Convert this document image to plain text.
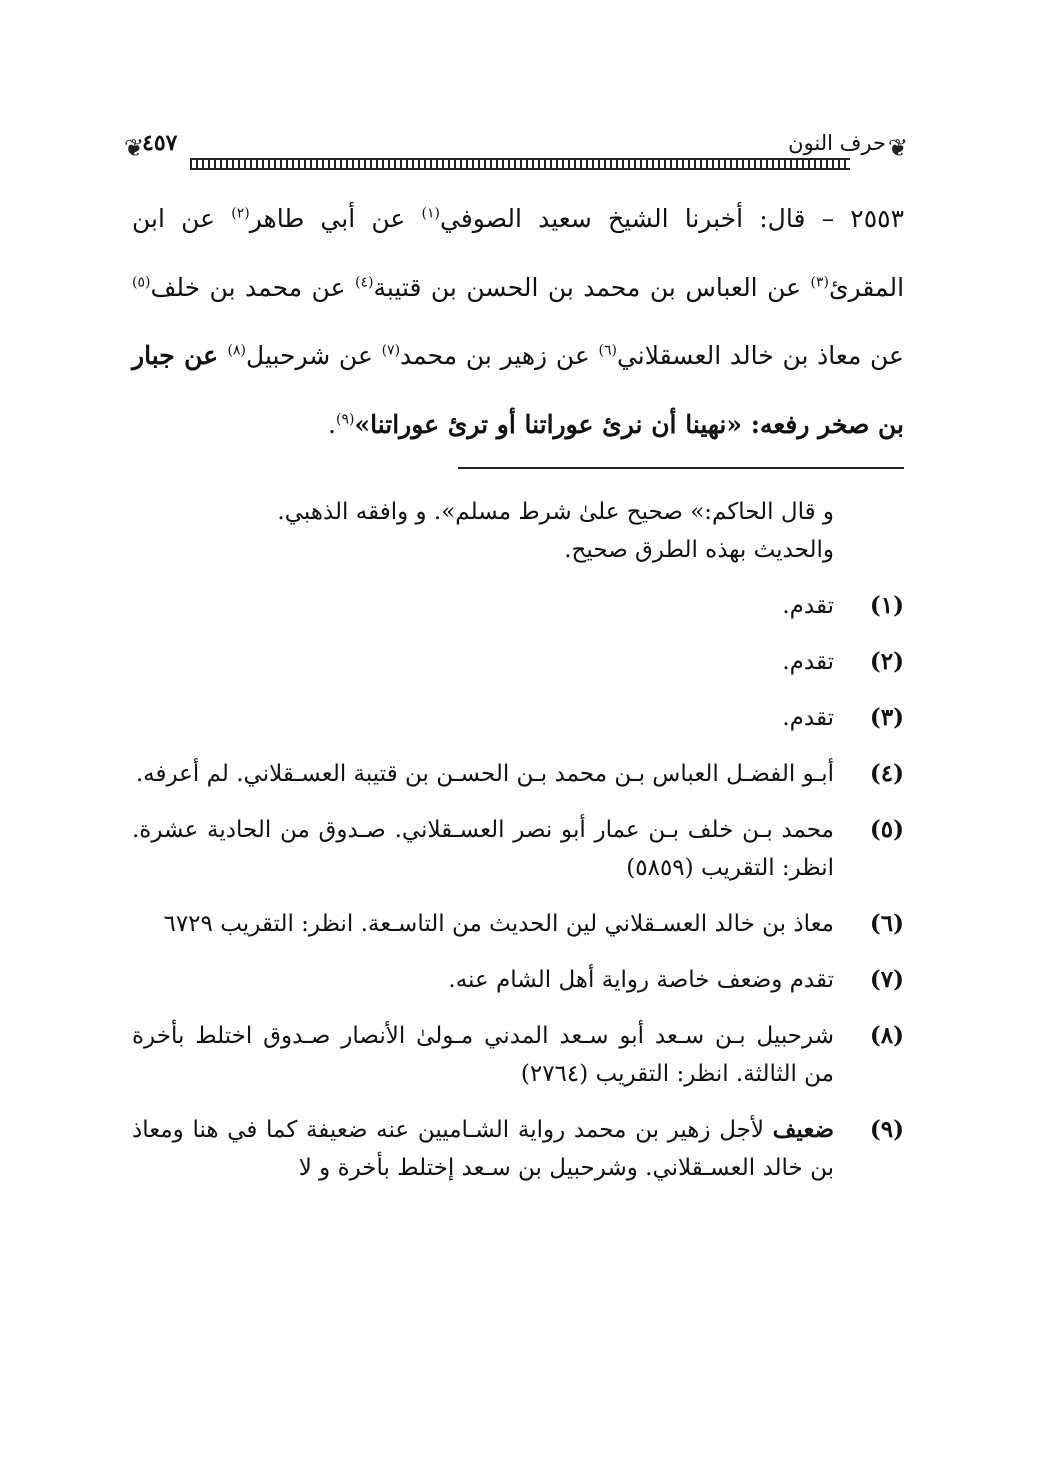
❦
حرف النون
٤٥٧
❦
٢٥٥٣ – قال: أخبرنا الشيخ سعيد الصوفي$^{(١)}$ عن أبي طاهر$^{(٢)}$ عن ابن المقرئ$^{(٣)}$ عن العباس بن محمد بن الحسن بن قتيبة$^{(٤)}$ عن محمد بن خلف$^{(٥)}$ عن معاذ بن خالد العسقلاني$^{(٦)}$ عن زهير بن محمد$^{(٧)}$ عن شرحبيل$^{(٨)}$ عن جبار بن صخر رفعه: «نهينا أن نرئ عوراتنا أو ترئ عوراتنا»$^{(٩)}$.
و قال الحاكم:» صحيح علىٰ شرط مسلم». و وافقه الذهبي.
والحديث بهذه الطرق صحيح.
(١)
تقدم.
(٢)
تقدم.
(٣)
تقدم.
(٤)
أبـو الفضـل العباس بـن محمد بـن الحسـن بن قتيبة العسـقلاني. لم أعرفه.
(٥)
محمد بـن خلف بـن عمار أبو نصر العسـقلاني. صـدوق من الحادية عشرة. انظر: التقريب (٥٨٥٩)
(٦)
معاذ بن خالد العسـقلاني لين الحديث من التاسـعة. انظر: التقريب ٦٧٢٩
(٧)
تقدم وضعف خاصة رواية أهل الشام عنه.
(٨)
شرحبيل بـن سـعد أبو سـعد المدني مـولىٰ الأنصار صـدوق اختلط بأخرة من الثالثة. انظر: التقريب (٢٧٦٤)
(٩)
ضعيف لأجل زهير بن محمد رواية الشـاميين عنه ضعيفة كما في هنا ومعاذ بن خالد العسـقلاني. وشرحبيل بن سـعد إختلط بأخرة و لا
